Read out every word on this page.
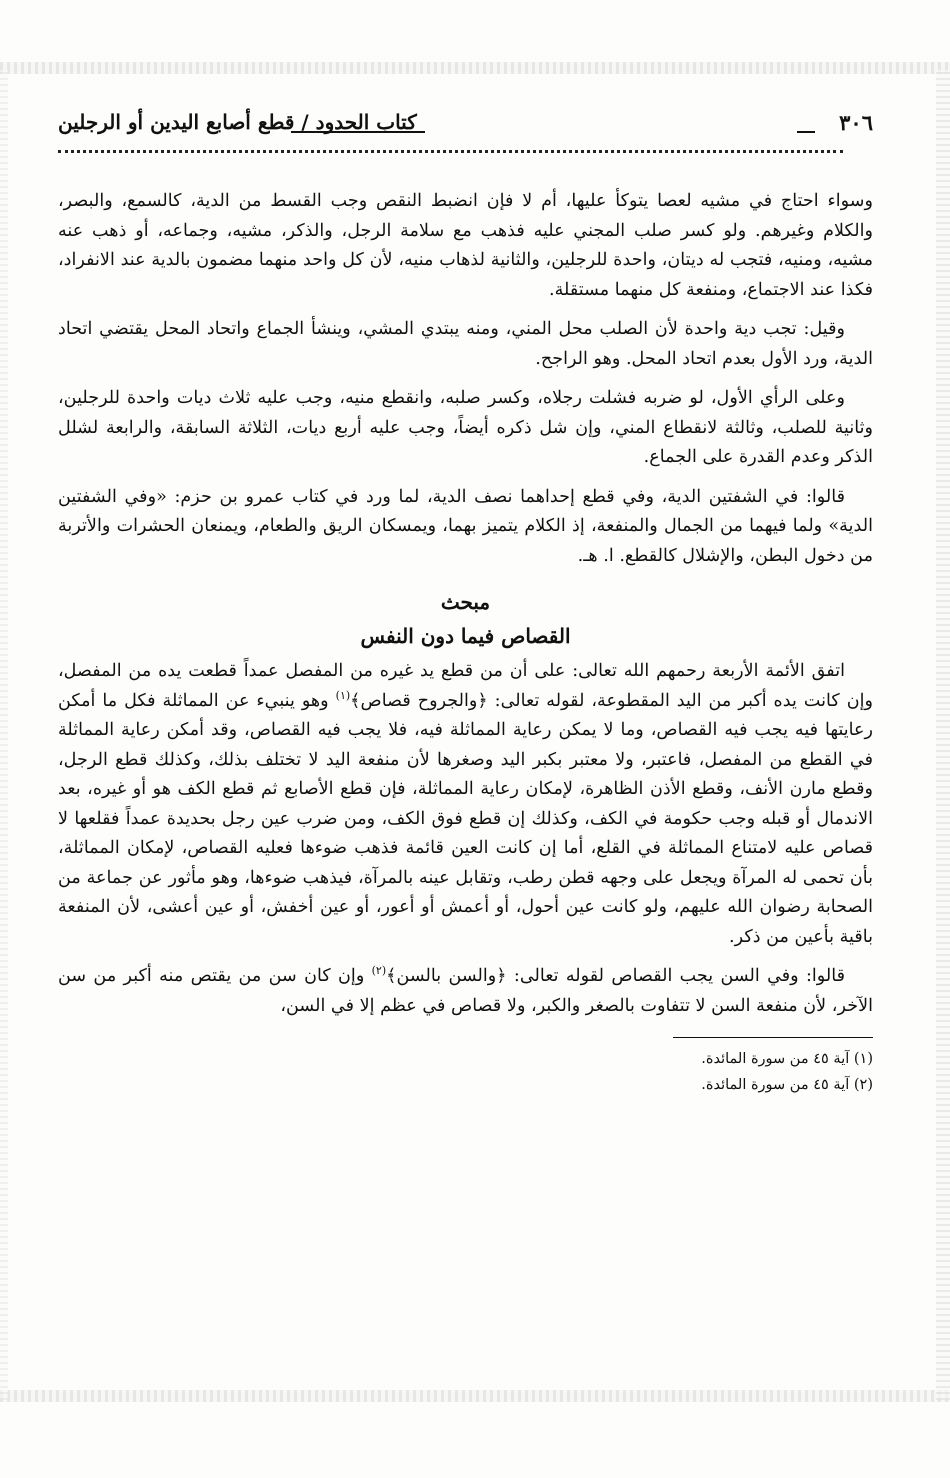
٣٠٦
كتاب الحدود / قطع أصابع اليدين أو الرجلين

وسواء احتاج في مشيه لعصا يتوكأ عليها، أم لا فإن انضبط النقص وجب القسط من الدية، كالسمع، والبصر، والكلام وغيرهم. ولو كسر صلب المجني عليه فذهب مع سلامة الرجل، والذكر، مشيه، وجماعه، أو ذهب عنه مشيه، ومنيه، فتجب له ديتان، واحدة للرجلين، والثانية لذهاب منيه، لأن كل واحد منهما مضمون بالدية عند الانفراد، فكذا عند الاجتماع، ومنفعة كل منهما مستقلة.

وقيل: تجب دية واحدة لأن الصلب محل المني، ومنه يبتدي المشي، وينشأ الجماع واتحاد المحل يقتضي اتحاد الدية، ورد الأول بعدم اتحاد المحل. وهو الراجح.

وعلى الرأي الأول، لو ضربه فشلت رجلاه، وكسر صلبه، وانقطع منيه، وجب عليه ثلاث ديات واحدة للرجلين، وثانية للصلب، وثالثة لانقطاع المني، وإن شل ذكره أيضاً، وجب عليه أربع ديات، الثلاثة السابقة، والرابعة لشلل الذكر وعدم القدرة على الجماع.

قالوا: في الشفتين الدية، وفي قطع إحداهما نصف الدية، لما ورد في كتاب عمرو بن حزم: «وفي الشفتين الدية» ولما فيهما من الجمال والمنفعة، إذ الكلام يتميز بهما، ويمسكان الريق والطعام، ويمنعان الحشرات والأتربة من دخول البطن، والإشلال كالقطع. ا. هـ.

مبحث
القصاص فيما دون النفس

اتفق الأئمة الأربعة رحمهم الله تعالى: على أن من قطع يد غيره من المفصل عمداً قطعت يده من المفصل، وإن كانت يده أكبر من اليد المقطوعة، لقوله تعالى: ﴿والجروح قصاص﴾$^{(١)}$ وهو ينبيء عن المماثلة فكل ما أمكن رعايتها فيه يجب فيه القصاص، وما لا يمكن رعاية المماثلة فيه، فلا يجب فيه القصاص، وقد أمكن رعاية المماثلة في القطع من المفصل، فاعتبر، ولا معتبر بكبر اليد وصغرها لأن منفعة اليد لا تختلف بذلك، وكذلك قطع الرجل، وقطع مارن الأنف، وقطع الأذن الظاهرة، لإمكان رعاية المماثلة، فإن قطع الأصابع ثم قطع الكف هو أو غيره، بعد الاندمال أو قبله وجب حكومة في الكف، وكذلك إن قطع فوق الكف، ومن ضرب عين رجل بحديدة عمداً فقلعها لا قصاص عليه لامتناع المماثلة في القلع، أما إن كانت العين قائمة فذهب ضوءها فعليه القصاص، لإمكان المماثلة، بأن تحمى له المرآة ويجعل على وجهه قطن رطب، وتقابل عينه بالمرآة، فيذهب ضوءها، وهو مأثور عن جماعة من الصحابة رضوان الله عليهم، ولو كانت عين أحول، أو أعمش أو أعور، أو عين أخفش، أو عين أعشى، لأن المنفعة باقية بأعين من ذكر.

قالوا: وفي السن يجب القصاص لقوله تعالى: ﴿والسن بالسن﴾$^{(٢)}$ وإن كان سن من يقتص منه أكبر من سن الآخر، لأن منفعة السن لا تتفاوت بالصغر والكبر، ولا قصاص في عظم إلا في السن،

(١) آية ٤٥ من سورة المائدة.
(٢) آية ٤٥ من سورة المائدة.
